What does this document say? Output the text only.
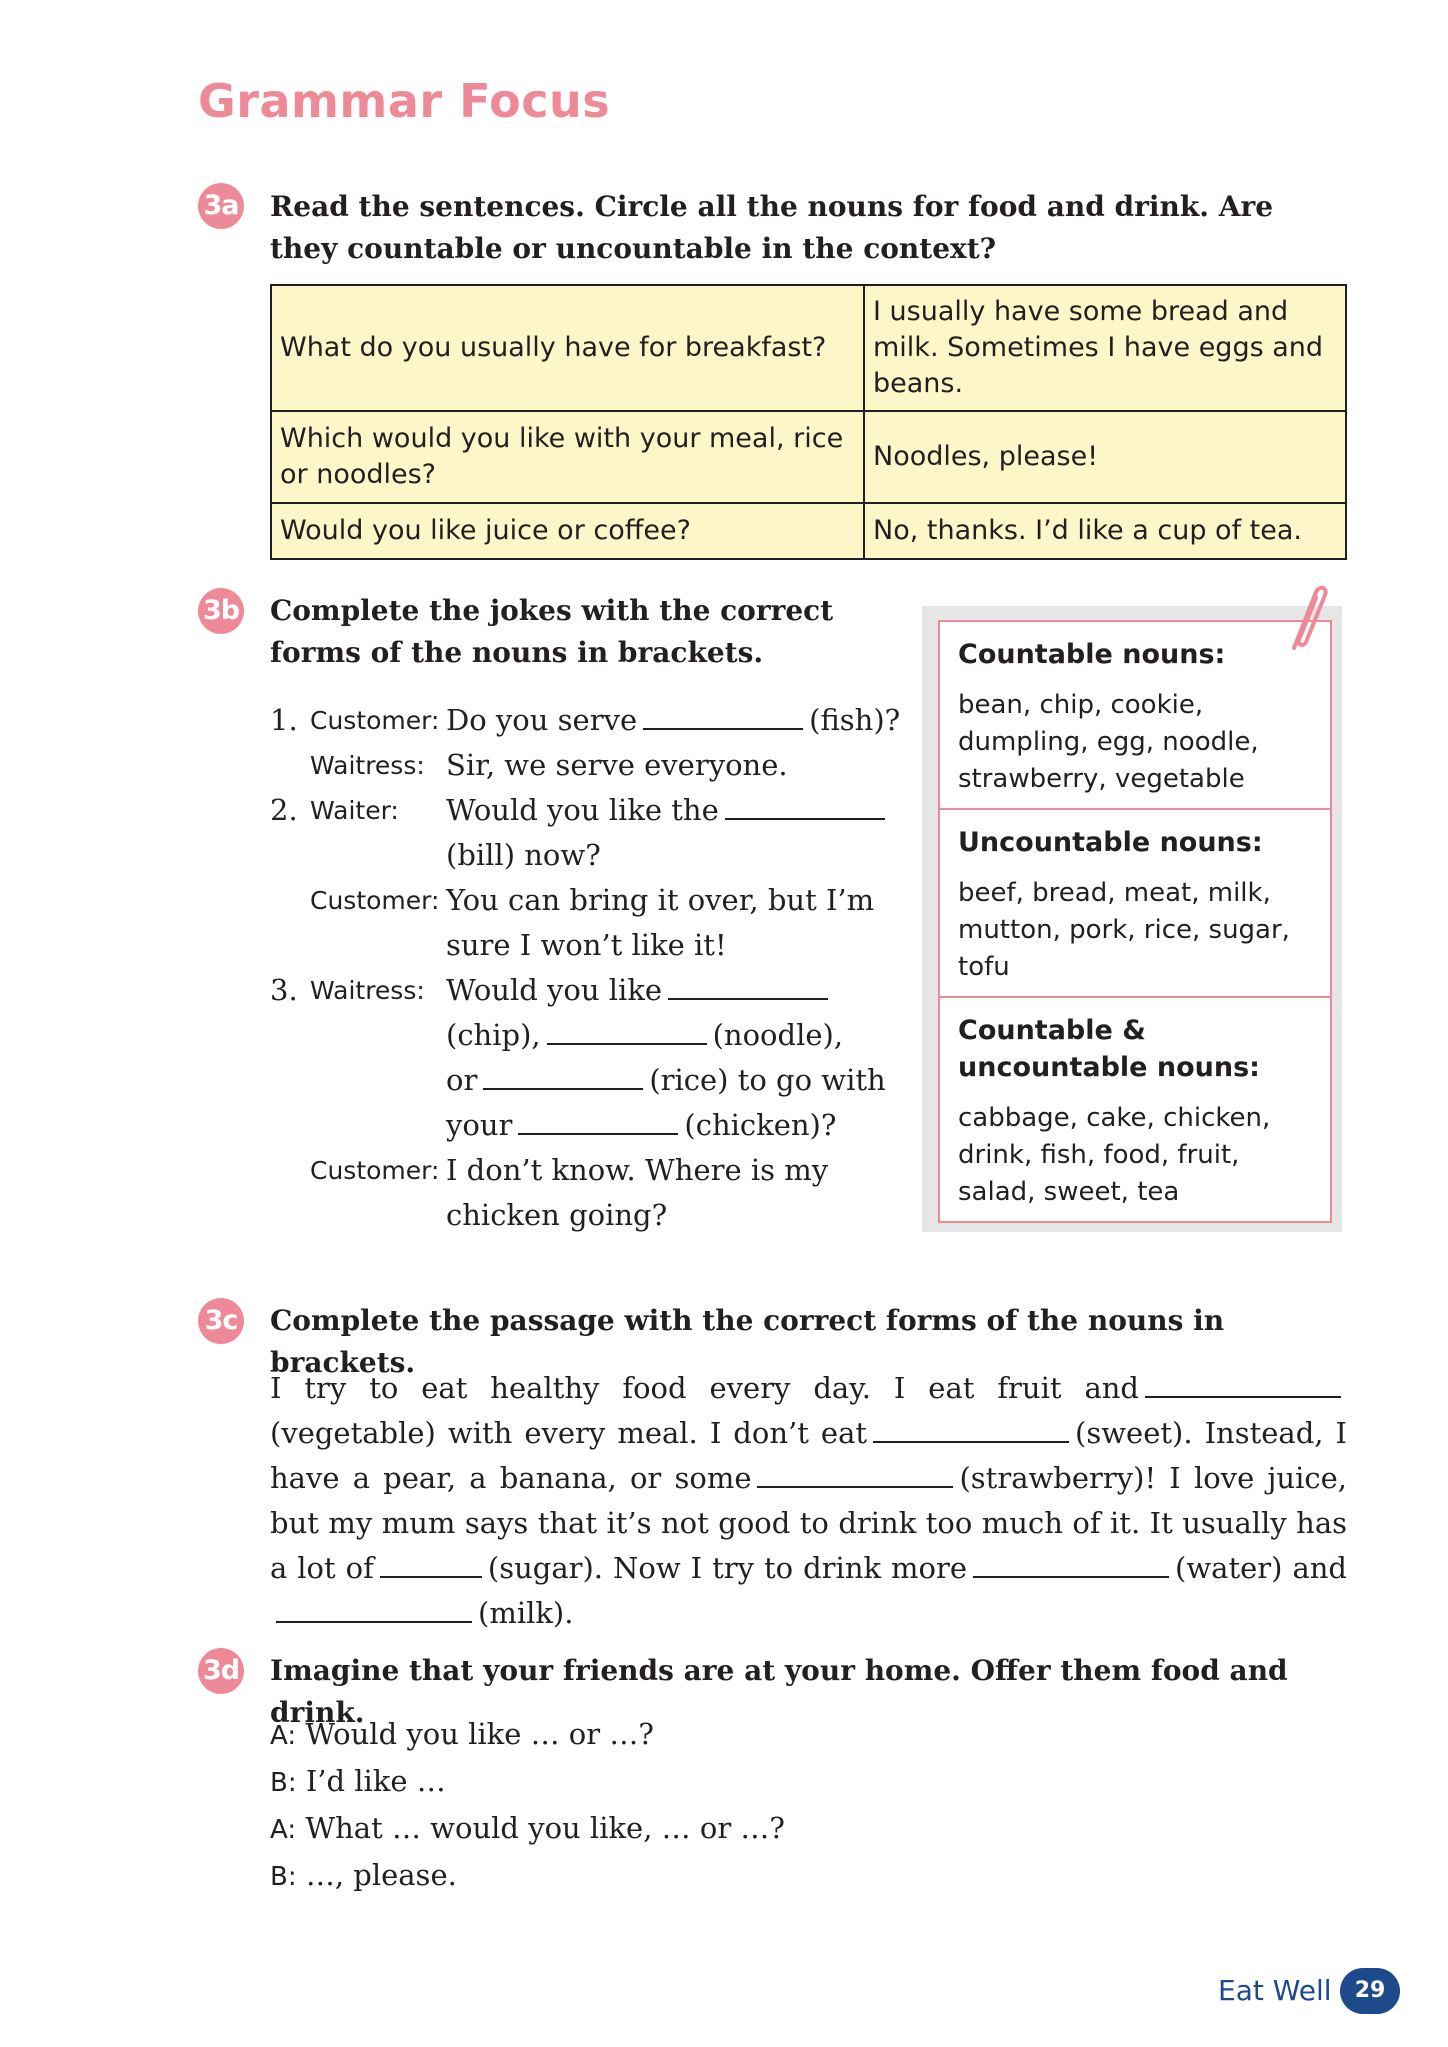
Grammar Focus
3a Read the sentences. Circle all the nouns for food and drink. Are they countable or uncountable in the context?

What do you usually have for breakfast?	I usually have some bread and milk. Sometimes I have eggs and beans.
Which would you like with your meal, rice or noodles?	Noodles, please!
Would you like juice or coffee?	No, thanks. I’d like a cup of tea.
3b Complete the jokes with the correct forms of the nouns in brackets.

1. Customer: Do you serve	(fish)?
Waitress: Sir, we serve everyone.
2. Waiter: Would you like the
(bill) now?
Customer: You can bring it over, but I’m
sure I won’t like it!
3. Waitress: Would you like
(chip),	(noodle),
or	(rice) to go with
your	(chicken)?
Customer: I don’t know. Where is my
chicken going?

Countable nouns:

bean, chip, cookie, dumpling, egg, noodle, strawberry, vegetable

Uncountable nouns:

beef, bread, meat, milk, mutton, pork, rice, sugar, tofu

Countable & uncountable nouns:

cabbage, cake, chicken, drink, fish, food, fruit, salad, sweet, tea

3c Complete the passage with the correct forms of the nouns in brackets.

I try to eat healthy food every day. I eat fruit and(vegetable) with every meal. I don’t eat	(sweet). Instead, I have a pear, a banana, or some	(strawberry)! I love juice, but my mum says that it’s not good to drink too much of it. It usually has a lot of	(sugar). Now I try to drink more	(water) and(milk).

3d Imagine that your friends are at your home. Offer them food and drink.

A: Would you like … or …?
B: I’d like …
A: What … would you like, … or …?
B: …, please.
Eat Well	29
